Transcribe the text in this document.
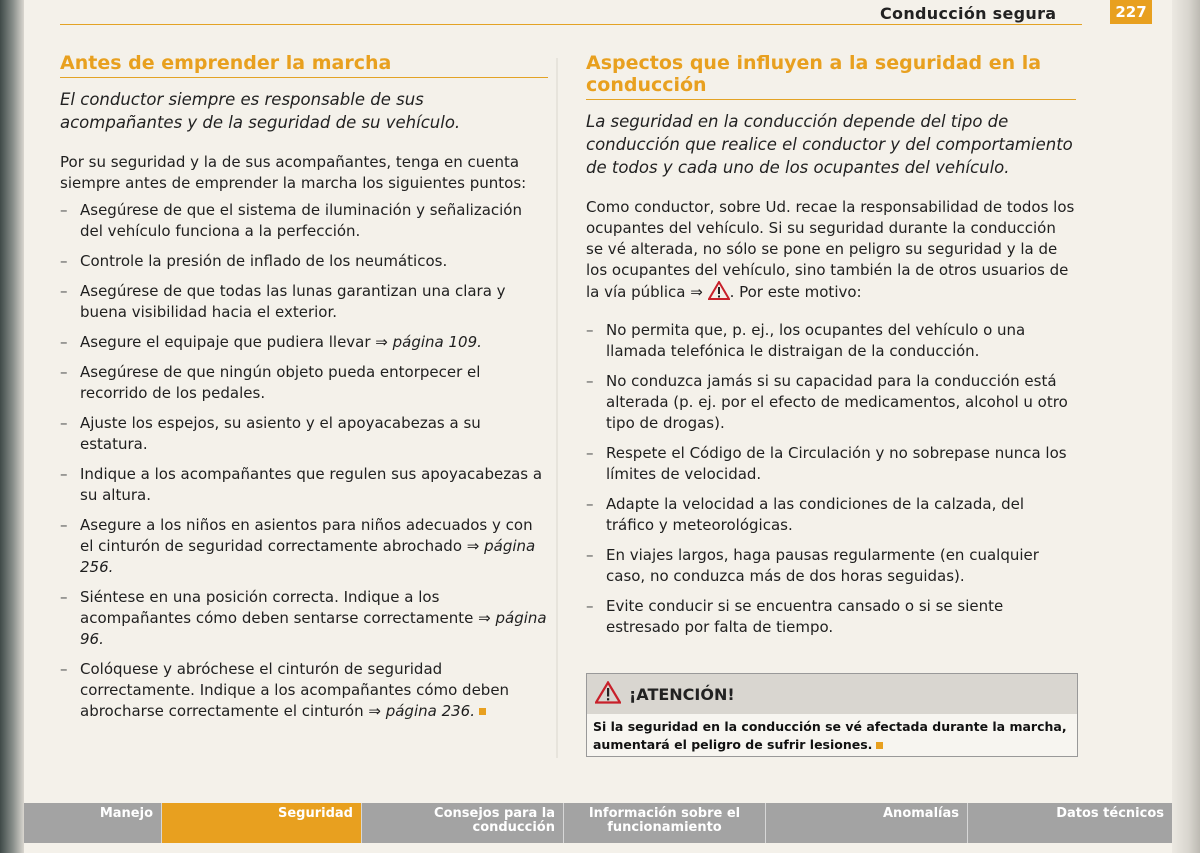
Conducción segura	227
Antes de emprender la marcha

El conductor siempre es responsable de sus acompañantes y de la seguridad de su vehículo.

Por su seguridad y la de sus acompañantes, tenga en cuenta siempre antes de emprender la marcha los siguientes puntos:

– Asegúrese de que el sistema de iluminación y señalización del vehículo funciona a la perfección.
– Controle la presión de inflado de los neumáticos.
– Asegúrese de que todas las lunas garantizan una clara y buena visibilidad hacia el exterior.
– Asegure el equipaje que pudiera llevar ⇒ página 109.
– Asegúrese de que ningún objeto pueda entorpecer el recorrido de los pedales.
– Ajuste los espejos, su asiento y el apoyacabezas a su estatura.
– Indique a los acompañantes que regulen sus apoyacabezas a su altura.
– Asegure a los niños en asientos para niños adecuados y con el cinturón de seguridad correctamente abrochado ⇒ página 256.
– Siéntese en una posición correcta. Indique a los acompañantes cómo deben sentarse correctamente ⇒ página 96.
– Colóquese y abróchese el cinturón de seguridad correctamente. Indique a los acompañantes cómo deben abrocharse correctamente el cinturón ⇒ página 236.
Aspectos que influyen a la seguridad en la conducción

La seguridad en la conducción depende del tipo de conducción que realice el conductor y del comportamiento de todos y cada uno de los ocupantes del vehículo.

Como conductor, sobre Ud. recae la responsabilidad de todos los ocupantes del vehículo. Si su seguridad durante la conducción se vé alterada, no sólo se pone en peligro su seguridad y la de los ocupantes del vehículo, sino también la de otros usuarios de la vía pública ⇒ . Por este motivo:

– No permita que, p. ej., los ocupantes del vehículo o una llamada telefónica le distraigan de la conducción.
– No conduzca jamás si su capacidad para la conducción está alterada (p. ej. por el efecto de medicamentos, alcohol u otro tipo de drogas).
– Respete el Código de la Circulación y no sobrepase nunca los límites de velocidad.
– Adapte la velocidad a las condiciones de la calzada, del tráfico y meteorológicas.
– En viajes largos, haga pausas regularmente (en cualquier caso, no conduzca más de dos horas seguidas).
– Evite conducir si se encuentra cansado o si se siente estresado por falta de tiempo.
¡ATENCIÓN!
Si la seguridad en la conducción se vé afectada durante la marcha, aumentará el peligro de sufrir lesiones.
Manejo	Seguridad	Consejos para la conducción
Información sobre el funcionamiento
Anomalías	Datos técnicos
